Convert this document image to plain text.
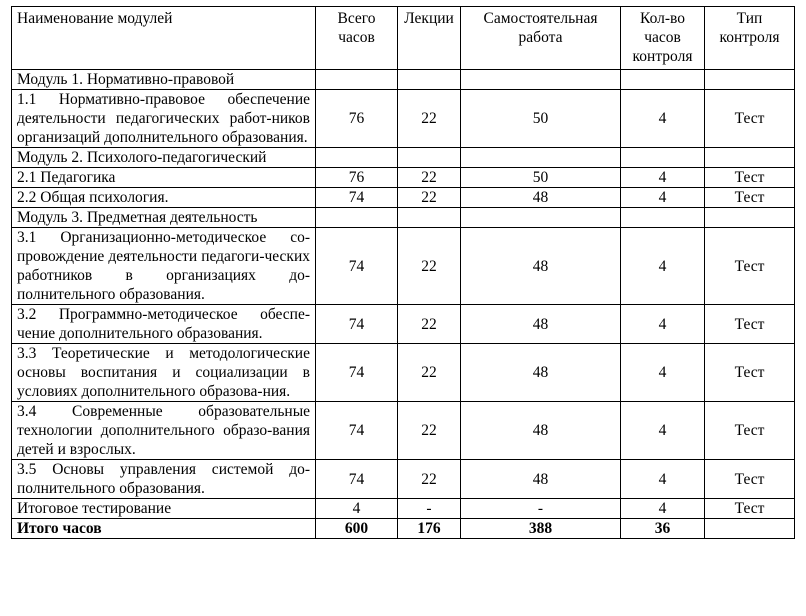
Наименование модулей	Всего часов	Лекции	Самостоятельная работа	Кол-во часов контроля	Тип контроля
Модуль 1. Нормативно-правовой					
1.1 Нормативно-правовое обеспечение деятельности педагогических работ-ников организаций дополнительного образования.	76	22	50	4	Тест
Модуль 2. Психолого-педагогический					
2.1 Педагогика	76	22	50	4	Тест
2.2 Общая психология.	74	22	48	4	Тест
Модуль 3. Предметная деятельность					
3.1 Организационно-методическое со-провождение деятельности педагоги-ческих работников в организациях до-полнительного образования.	74	22	48	4	Тест
3.2 Программно-методическое обеспе-чение дополнительного образования.	74	22	48	4	Тест
3.3 Теоретические и методологические основы воспитания и социализации в условиях дополнительного образова-ния.	74	22	48	4	Тест
3.4 Современные образовательные технологии дополнительного образо-вания детей и взрослых.	74	22	48	4	Тест
3.5 Основы управления системой до-полнительного образования.	74	22	48	4	Тест
Итоговое тестирование	4	-	-	4	Тест
Итого часов	600	176	388	36	
